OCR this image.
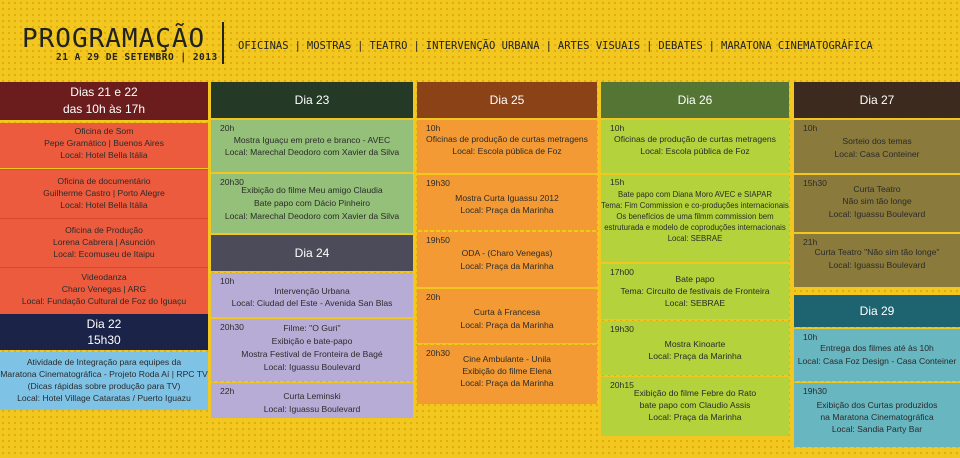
PROGRAMAÇÃO
21 A 29 DE SETEMBRO | 2013
OFICINAS | MOSTRAS | TEATRO | INTERVENÇÃO URBANA | ARTES VISUAIS | DEBATES | MARATONA CINEMATOGRÁFICA
Dias 21 e 22
das 10h às 17h
Oficina de Som
Pepe Gramático | Buenos Aires
Local: Hotel Bella Itália
Oficina de documentário
Guilherme Castro | Porto Alegre
Local: Hotel Bella Itália
Oficina de Produção
Lorena Cabrera | Asunción
Local: Ecomuseu de Itaipu
Videodanza
Charo Venegas | ARG
Local: Fundação Cultural de Foz do Iguaçu
Dia 22
15h30
Atividade de Integração para equipes da
Maratona Cinematográfica - Projeto Roda Aí | RPC TV
(Dicas rápidas sobre produção para TV)
Local: Hotel Village Cataratas / Puerto Iguazu
Dia 23
20h
Mostra Iguaçu em preto e branco - AVEC
Local: Marechal Deodoro com Xavier da Silva
20h30
Exibição do filme Meu amigo Claudia
Bate papo com Dácio Pinheiro
Local: Marechal Deodoro com Xavier da Silva
Dia 24
10h
Intervenção Urbana
Local: Ciudad del Este - Avenida San Blas
20h30	Filme: "O Guri"
Exibição e bate-papo
Mostra Festival de Fronteira de Bagé
Local: Iguassu Boulevard
22h	Curta Leminski
Local: Iguassu Boulevard
Dia 25
10h
Oficinas de produção de curtas metragens
Local: Escola pública de Foz
19h30
Mostra Curta Iguassu 2012
Local: Praça da Marinha
19h50
ODA - (Charo Venegas)
Local: Praça da Marinha
20h
Curta à Francesa
Local: Praça da Marinha
20h30
Cine Ambulante - Unila
Exibição do filme Elena
Local: Praça da Marinha
Dia 26
10h
Oficinas de produção de curtas metragens
Local: Escola pública de Foz
15h
Bate papo com Diana Moro AVEC e SIAPAR
Tema: Fim Commission e co-produções internacionais
Os benefícios de uma filmm commission bem
estruturada e modelo de coproduções internacionais
Local: SEBRAE
17h00
Bate papo
Tema: Circuito de festivais de Fronteira
Local: SEBRAE
19h30
Mostra Kinoarte
Local: Praça da Marinha
20h15
Exibição do filme Febre do Rato
bate papo com Claudio Assis
Local: Praça da Marinha
Dia 27
10h
Sorteio dos temas
Local: Casa Conteiner
15h30
Curta Teatro
Não sim tão longe
Local: Iguassu Boulevard
21h
Curta Teatro "Não sim tão longe"
Local: Iguassu Boulevard
Dia 29
10h
Entrega dos filmes até às 10h
Local: Casa Foz Design - Casa Conteiner
19h30
Exibição dos Curtas produzidos
na Maratona Cinematográfica
Local: Sandia Party Bar
